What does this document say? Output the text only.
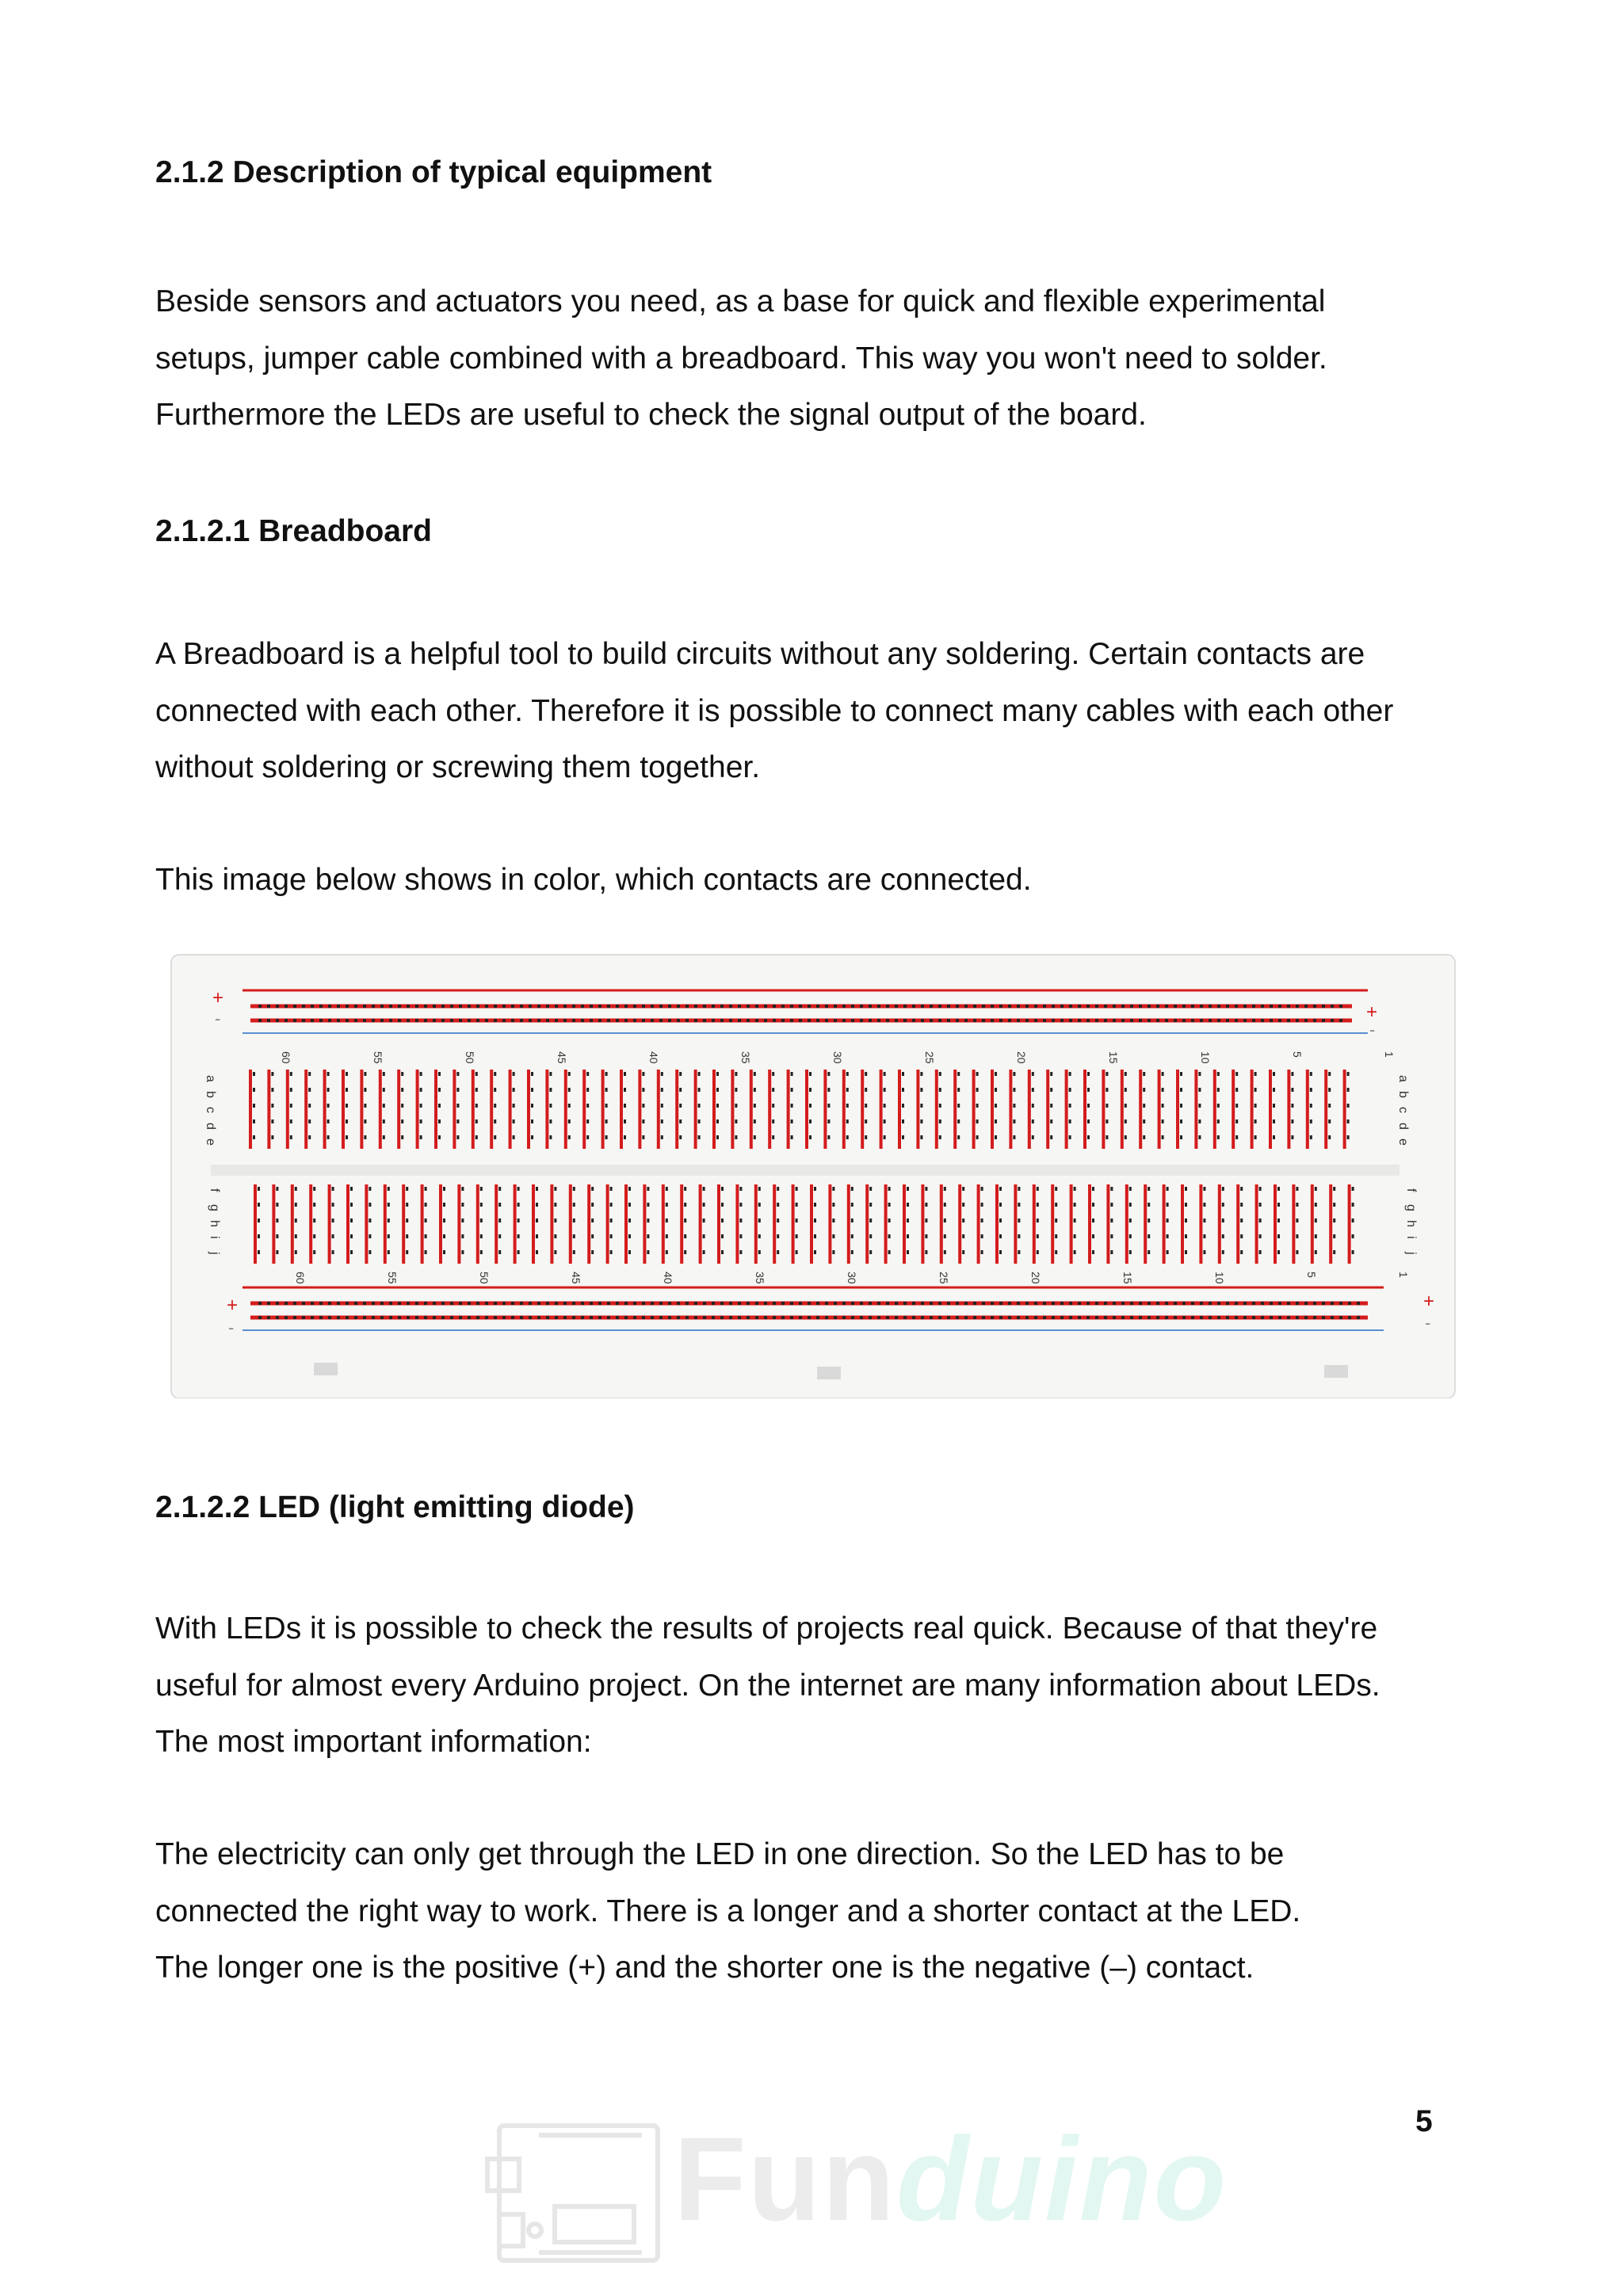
2.1.2 Description of typical equipment

Beside sensors and actuators you need, as a base for quick and flexible experimental
setups, jumper cable combined with a breadboard. This way you won't need to solder.
Furthermore the LEDs are useful to check the signal output of the board.

2.1.2.1 Breadboard

A Breadboard is a helpful tool to build circuits without any soldering. Certain contacts are
connected with each other. Therefore it is possible to connect many cables with each other
without soldering or screwing them together.

This image below shows in color, which contacts are connected.

+
-	+
-
+
-
+
-
60
60
55
55
50
50
45
45
40
40
35
35
30
30
25
25
20
20
15
15
10
10
5
5
1
1
a	a
b	b
c	c
d	d
e	e
f	f
g	g
h	h
i	i
j	j
2.1.2.2 LED (light emitting diode)

With LEDs it is possible to check the results of projects real quick. Because of that they're
useful for almost every Arduino project. On the internet are many information about LEDs.
The most important information:

The electricity can only get through the LED in one direction. So the LED has to be
connected the right way to work. There is a longer and a shorter contact at the LED.
The longer one is the positive (+) and the shorter one is the negative (–) contact.

5
Funduino
